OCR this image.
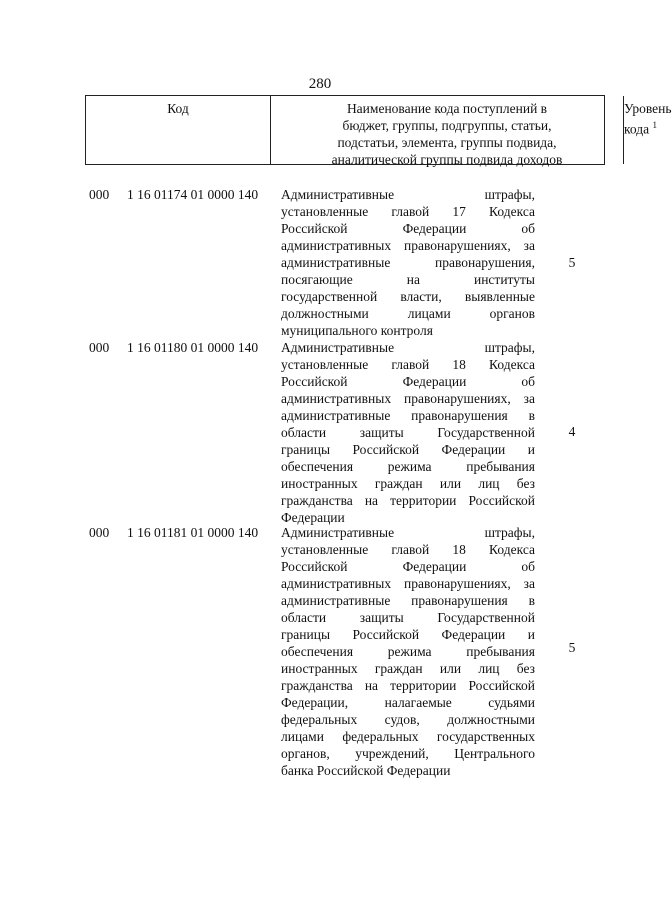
280
Код	Наименование кода поступлений в
бюджет, группы, подгруппы, статьи,
подстатьи, элемента, группы подвида,
аналитической группы подвида доходов
Уровень
кода $^1$
000 1 16 01174 01 0000 140 Административные штрафы,
установленные главой 17 Кодекса
Российской Федерации об
административных правонарушениях, за
административные правонарушения,
посягающие на институты
государственной власти, выявленные
должностными лицами органов
муниципального контроля
5
000 1 16 01180 01 0000 140 Административные штрафы,
установленные главой 18 Кодекса
Российской Федерации об
административных правонарушениях, за
административные правонарушения в
области защиты Государственной
границы Российской Федерации и
обеспечения режима пребывания
иностранных граждан или лиц без
гражданства на территории Российской
Федерации
4
000 1 16 01181 01 0000 140 Административные штрафы,
установленные главой 18 Кодекса
Российской Федерации об
административных правонарушениях, за
административные правонарушения в
области защиты Государственной
границы Российской Федерации и
обеспечения режима пребывания
иностранных граждан или лиц без
гражданства на территории Российской
Федерации, налагаемые судьями
федеральных судов, должностными
лицами федеральных государственных
органов, учреждений, Центрального
банка Российской Федерации
5
